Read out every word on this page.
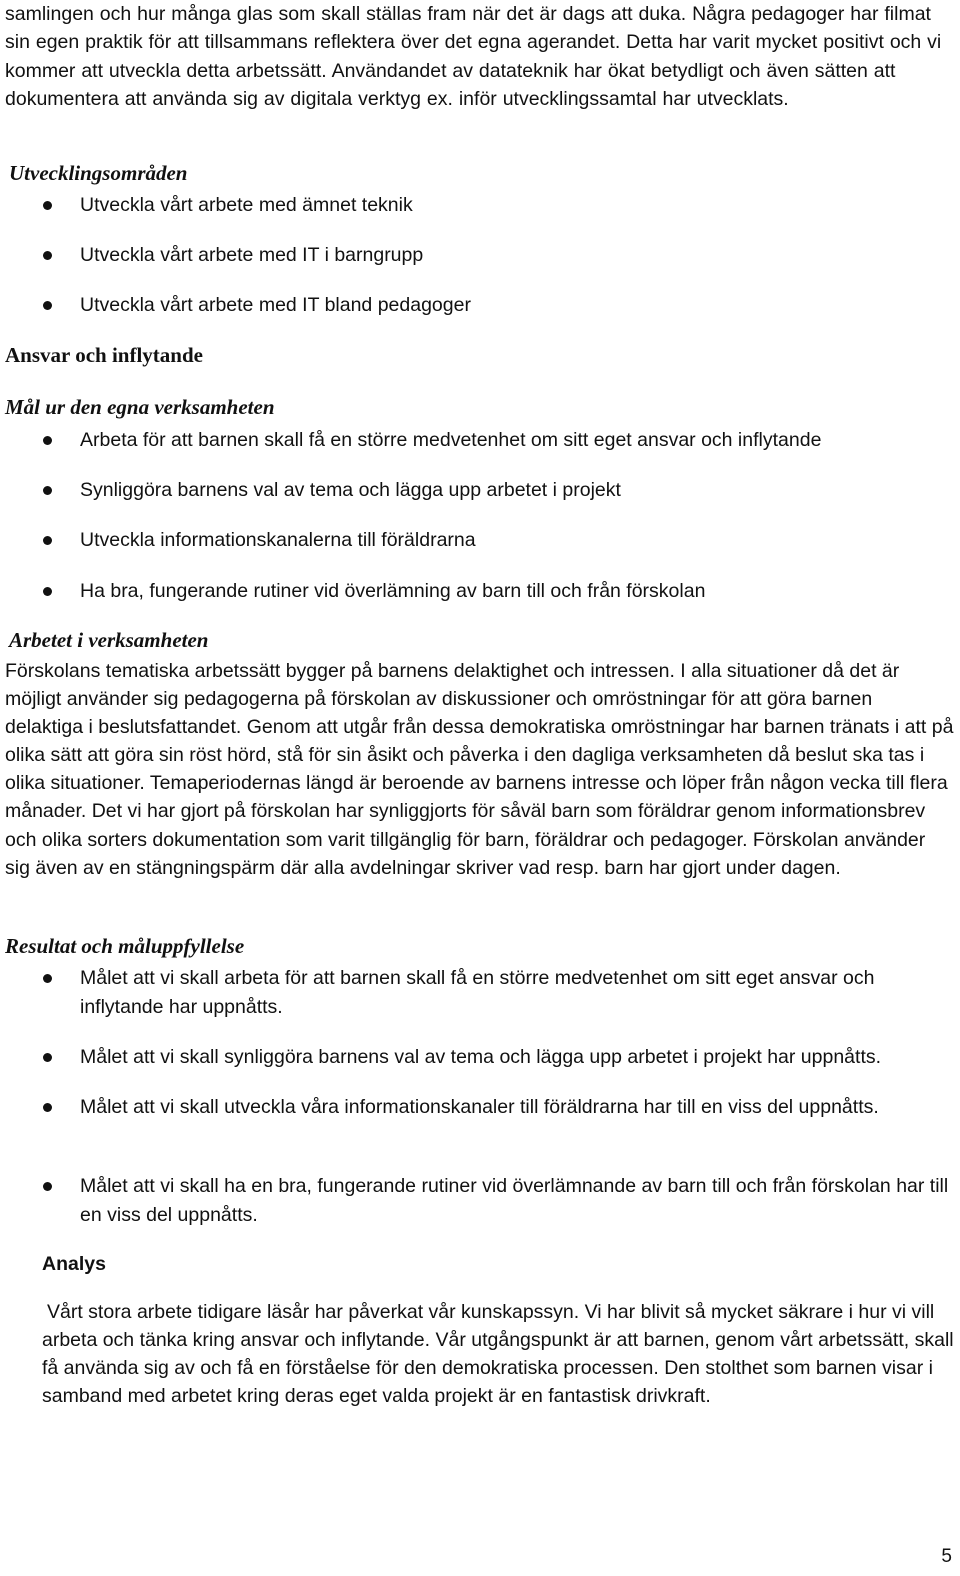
samlingen och hur många glas som skall ställas fram när det är dags att duka. Några pedagoger har filmat sin egen praktik för att tillsammans reflektera över det egna agerandet. Detta har varit mycket positivt och vi kommer att utveckla detta arbetssätt. Användandet av datateknik har ökat betydligt och även sätten att dokumentera att använda sig av digitala verktyg ex. inför utvecklingssamtal har utvecklats.

Utvecklingsområden

Utveckla vårt arbete med ämnet teknik

Utveckla vårt arbete med IT i barngrupp

Utveckla vårt arbete med IT bland pedagoger

Ansvar och inflytande
Mål ur den egna verksamheten

Arbeta för att barnen skall få en större medvetenhet om sitt eget ansvar och inflytande

Synliggöra barnens val av tema och lägga upp arbetet i projekt

Utveckla informationskanalerna till föräldrarna

Ha bra, fungerande rutiner vid överlämning av barn till och från förskolan

Arbetet i verksamheten

Förskolans tematiska arbetssätt bygger på barnens delaktighet och intressen. I alla situationer då det är möjligt använder sig pedagogerna på förskolan av diskussioner och omröstningar för att göra barnen delaktiga i beslutsfattandet. Genom att utgår från dessa demokratiska omröstningar har barnen tränats i att på olika sätt att göra sin röst hörd, stå för sin åsikt och påverka i den dagliga verksamheten då beslut ska tas i olika situationer. Temaperiodernas längd är beroende av barnens intresse och löper från någon vecka till flera månader. Det vi har gjort på förskolan har synliggjorts för såväl barn som föräldrar genom informationsbrev och olika sorters dokumentation som varit tillgänglig för barn, föräldrar och pedagoger. Förskolan använder sig även av en stängningspärm där alla avdelningar skriver vad resp. barn har gjort under dagen.

Resultat och måluppfyllelse

Målet att vi skall arbeta för att barnen skall få en större medvetenhet om sitt eget ansvar och inflytande har uppnåtts.

Målet att vi skall synliggöra barnens val av tema och lägga upp arbetet i projekt har uppnåtts.

Målet att vi skall utveckla våra informationskanaler till föräldrarna har till en viss del uppnåtts.

Målet att vi skall ha en bra, fungerande rutiner vid överlämnande av barn till och från förskolan har till en viss del uppnåtts.

Analys

Vårt stora arbete tidigare läsår har påverkat vår kunskapssyn. Vi har blivit så mycket säkrare i hur vi vill arbeta och tänka kring ansvar och inflytande. Vår utgångspunkt är att barnen, genom vårt arbetssätt, skall få använda sig av och få en förståelse för den demokratiska processen. Den stolthet som barnen visar i samband med arbetet kring deras eget valda projekt är en fantastisk drivkraft.

5
